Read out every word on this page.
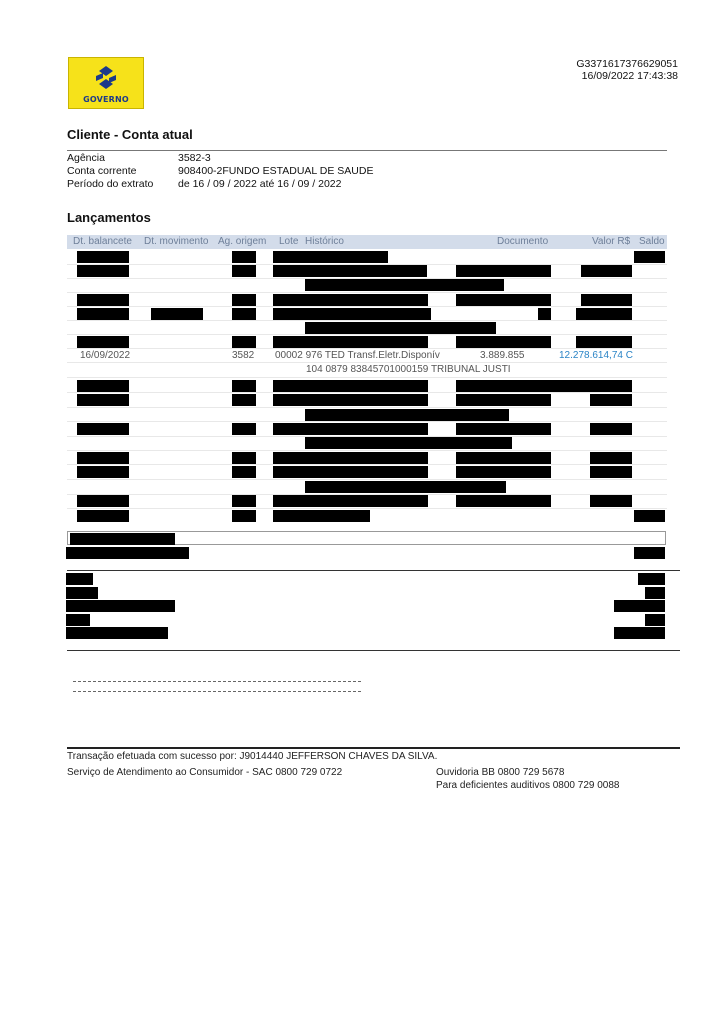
GOVERNO
G3371617376629051
16/09/2022 17:43:38
Cliente - Conta atual
Agência	3582-3
Conta corrente	908400-2FUNDO ESTADUAL DE SAUDE
Período do extrato de 16 / 09 / 2022 até 16 / 09 / 2022
Lançamentos
Dt. balancete Dt. movimento Ag. origem Lote Histórico	Documento	Valor R$ Saldo
16/09/2022	3582 00002 976 TED Transf.Eletr.Disponív	3.889.855	12.278.614,74 C
104 0879 83845701000159 TRIBUNAL JUSTI
Transação efetuada com sucesso por: J9014440 JEFFERSON CHAVES DA SILVA.
Serviço de Atendimento ao Consumidor - SAC 0800 729 0722	Ouvidoria BB 0800 729 5678
Para deficientes auditivos 0800 729 0088
